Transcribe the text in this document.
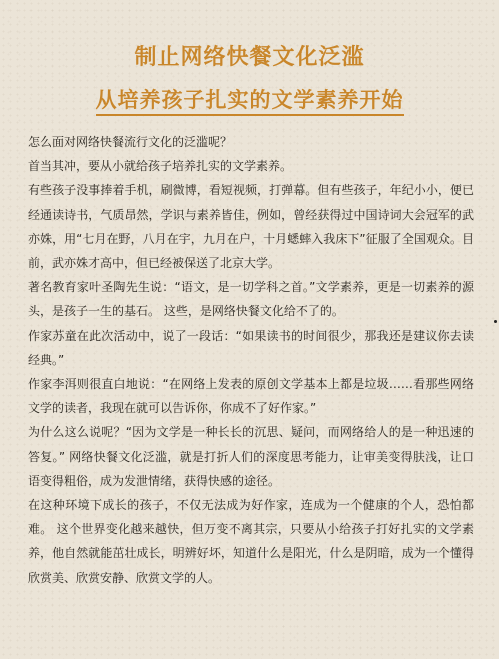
制止网络快餐文化泛滥
从培养孩子扎实的文学素养开始

怎么面对网络快餐流行文化的泛滥呢？

首当其冲，要从小就给孩子培养扎实的文学素养。

有些孩子没事捧着手机，刷微博，看短视频，打弹幕。但有些孩子，年纪小小，便已经通读诗书，气质昂然，学识与素养皆佳，例如，曾经获得过中国诗词大会冠军的武亦姝，用“七月在野，八月在宇，九月在户，十月蟋蟀入我床下”征服了全国观众。目前，武亦姝才高中，但已经被保送了北京大学。

著名教育家叶圣陶先生说：“语文，是一切学科之首。”文学素养，更是一切素养的源头，是孩子一生的基石。 这些，是网络快餐文化给不了的。

作家苏童在此次活动中，说了一段话：“如果读书的时间很少，那我还是建议你去读经典。”

作家李洱则很直白地说：“在网络上发表的原创文学基本上都是垃圾……看那些网络文学的读者，我现在就可以告诉你，你成不了好作家。”

为什么这么说呢？“因为文学是一种长长的沉思、疑问，而网络给人的是一种迅速的答复。” 网络快餐文化泛滥，就是打折人们的深度思考能力，让审美变得肤浅，让口语变得粗俗，成为发泄情绪，获得快感的途径。

在这种环境下成长的孩子，不仅无法成为好作家，连成为一个健康的个人，恐怕都难。 这个世界变化越来越快，但万变不离其宗，只要从小给孩子打好扎实的文学素养，他自然就能茁壮成长，明辨好坏，知道什么是阳光，什么是阴暗，成为一个懂得欣赏美、欣赏安静、欣赏文学的人。
